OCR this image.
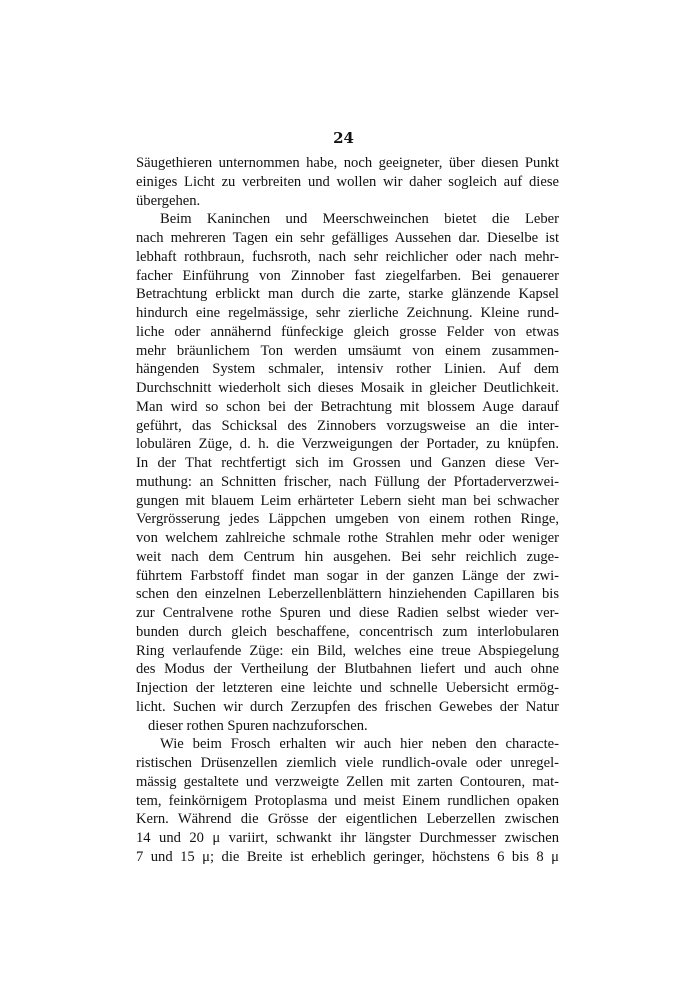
24
Säugethieren unternommen habe, noch geeigneter, über diesen Punkt
einiges Licht zu verbreiten und wollen wir daher sogleich auf diese
übergehen.
Beim Kaninchen und Meerschweinchen bietet die Leber
nach mehreren Tagen ein sehr gefälliges Aussehen dar. Dieselbe ist
lebhaft rothbraun, fuchsroth, nach sehr reichlicher oder nach mehr-
facher Einführung von Zinnober fast ziegelfarben. Bei genauerer
Betrachtung erblickt man durch die zarte, starke glänzende Kapsel
hindurch eine regelmässige, sehr zierliche Zeichnung. Kleine rund-
liche oder annähernd fünfeckige gleich grosse Felder von etwas
mehr bräunlichem Ton werden umsäumt von einem zusammen-
hängenden System schmaler, intensiv rother Linien. Auf dem
Durchschnitt wiederholt sich dieses Mosaik in gleicher Deutlichkeit.
Man wird so schon bei der Betrachtung mit blossem Auge darauf
geführt, das Schicksal des Zinnobers vorzugsweise an die inter-
lobulären Züge, d. h. die Verzweigungen der Portader, zu knüpfen.
In der That rechtfertigt sich im Grossen und Ganzen diese Ver-
muthung: an Schnitten frischer, nach Füllung der Pfortaderverzwei-
gungen mit blauem Leim erhärteter Lebern sieht man bei schwacher
Vergrösserung jedes Läppchen umgeben von einem rothen Ringe,
von welchem zahlreiche schmale rothe Strahlen mehr oder weniger
weit nach dem Centrum hin ausgehen. Bei sehr reichlich zuge-
führtem Farbstoff findet man sogar in der ganzen Länge der zwi-
schen den einzelnen Leberzellenblättern hinziehenden Capillaren bis
zur Centralvene rothe Spuren und diese Radien selbst wieder ver-
bunden durch gleich beschaffene, concentrisch zum interlobularen
Ring verlaufende Züge: ein Bild, welches eine treue Abspiegelung
des Modus der Vertheilung der Blutbahnen liefert und auch ohne
Injection der letzteren eine leichte und schnelle Uebersicht ermög-
licht. Suchen wir durch Zerzupfen des frischen Gewebes der Natur
dieser rothen Spuren nachzuforschen.
Wie beim Frosch erhalten wir auch hier neben den characte-
ristischen Drüsenzellen ziemlich viele rundlich-ovale oder unregel-
mässig gestaltete und verzweigte Zellen mit zarten Contouren, mat-
tem, feinkörnigem Protoplasma und meist Einem rundlichen opaken
Kern. Während die Grösse der eigentlichen Leberzellen zwischen
14 und 20 μ variirt, schwankt ihr längster Durchmesser zwischen
7 und 15 μ; die Breite ist erheblich geringer, höchstens 6 bis 8 μ
